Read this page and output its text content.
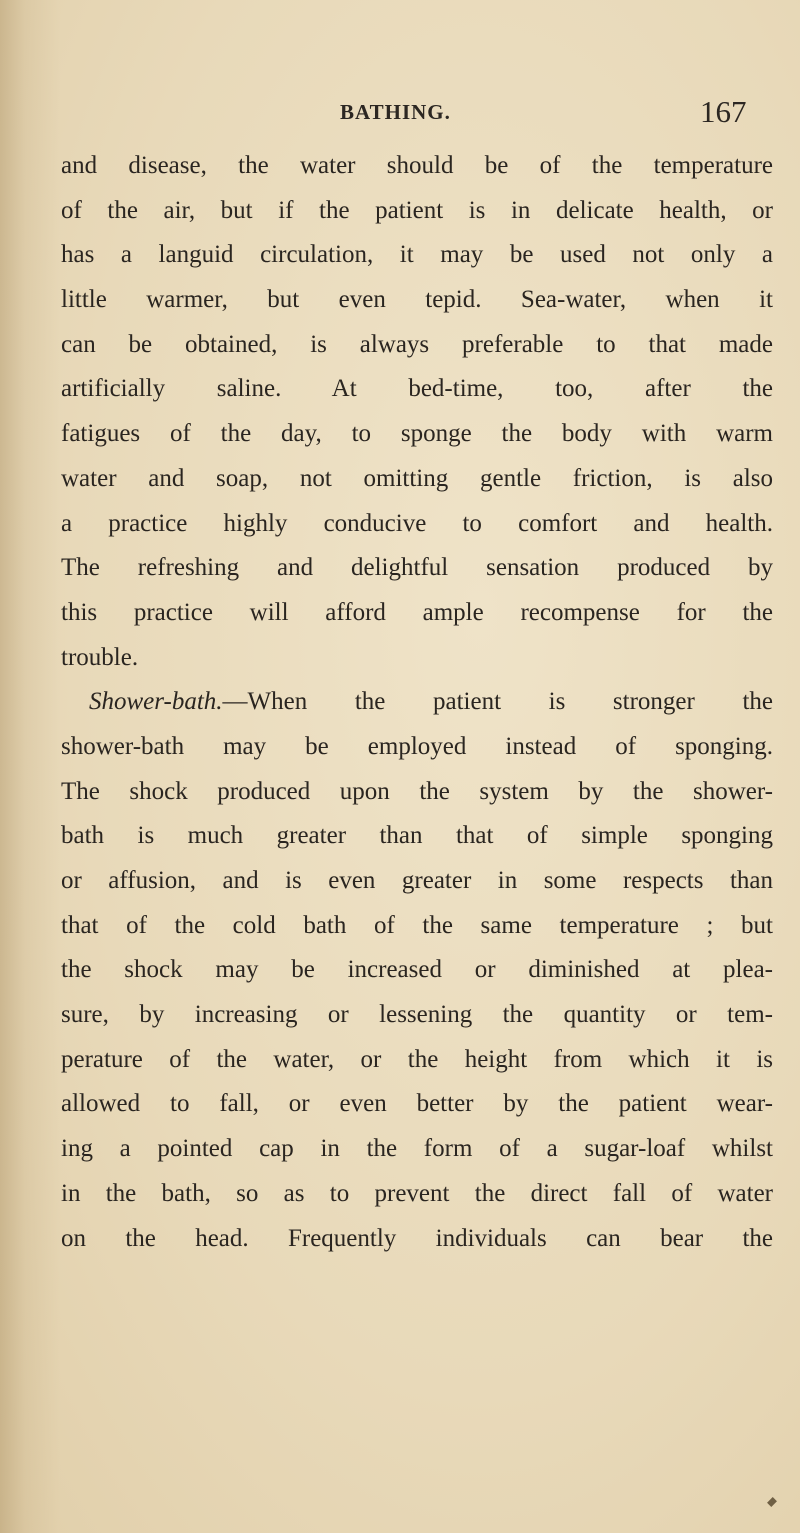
BATHING.	167
and disease, the water should be of the temperature
of the air, but if the patient is in delicate health, or
has a languid circulation, it may be used not only a
little warmer, but even tepid. Sea-water, when it
can be obtained, is always preferable to that made
artificially saline. At bed-time, too, after the
fatigues of the day, to sponge the body with warm
water and soap, not omitting gentle friction, is also
a practice highly conducive to comfort and health.
The refreshing and delightful sensation produced by
this practice will afford ample recompense for the
trouble.
Shower-bath.—When the patient is stronger the
shower-bath may be employed instead of sponging.
The shock produced upon the system by the shower-
bath is much greater than that of simple sponging
or affusion, and is even greater in some respects than
that of the cold bath of the same temperature ; but
the shock may be increased or diminished at plea-
sure, by increasing or lessening the quantity or tem-
perature of the water, or the height from which it is
allowed to fall, or even better by the patient wear-
ing a pointed cap in the form of a sugar-loaf whilst
in the bath, so as to prevent the direct fall of water
on the head. Frequently individuals can bear the
